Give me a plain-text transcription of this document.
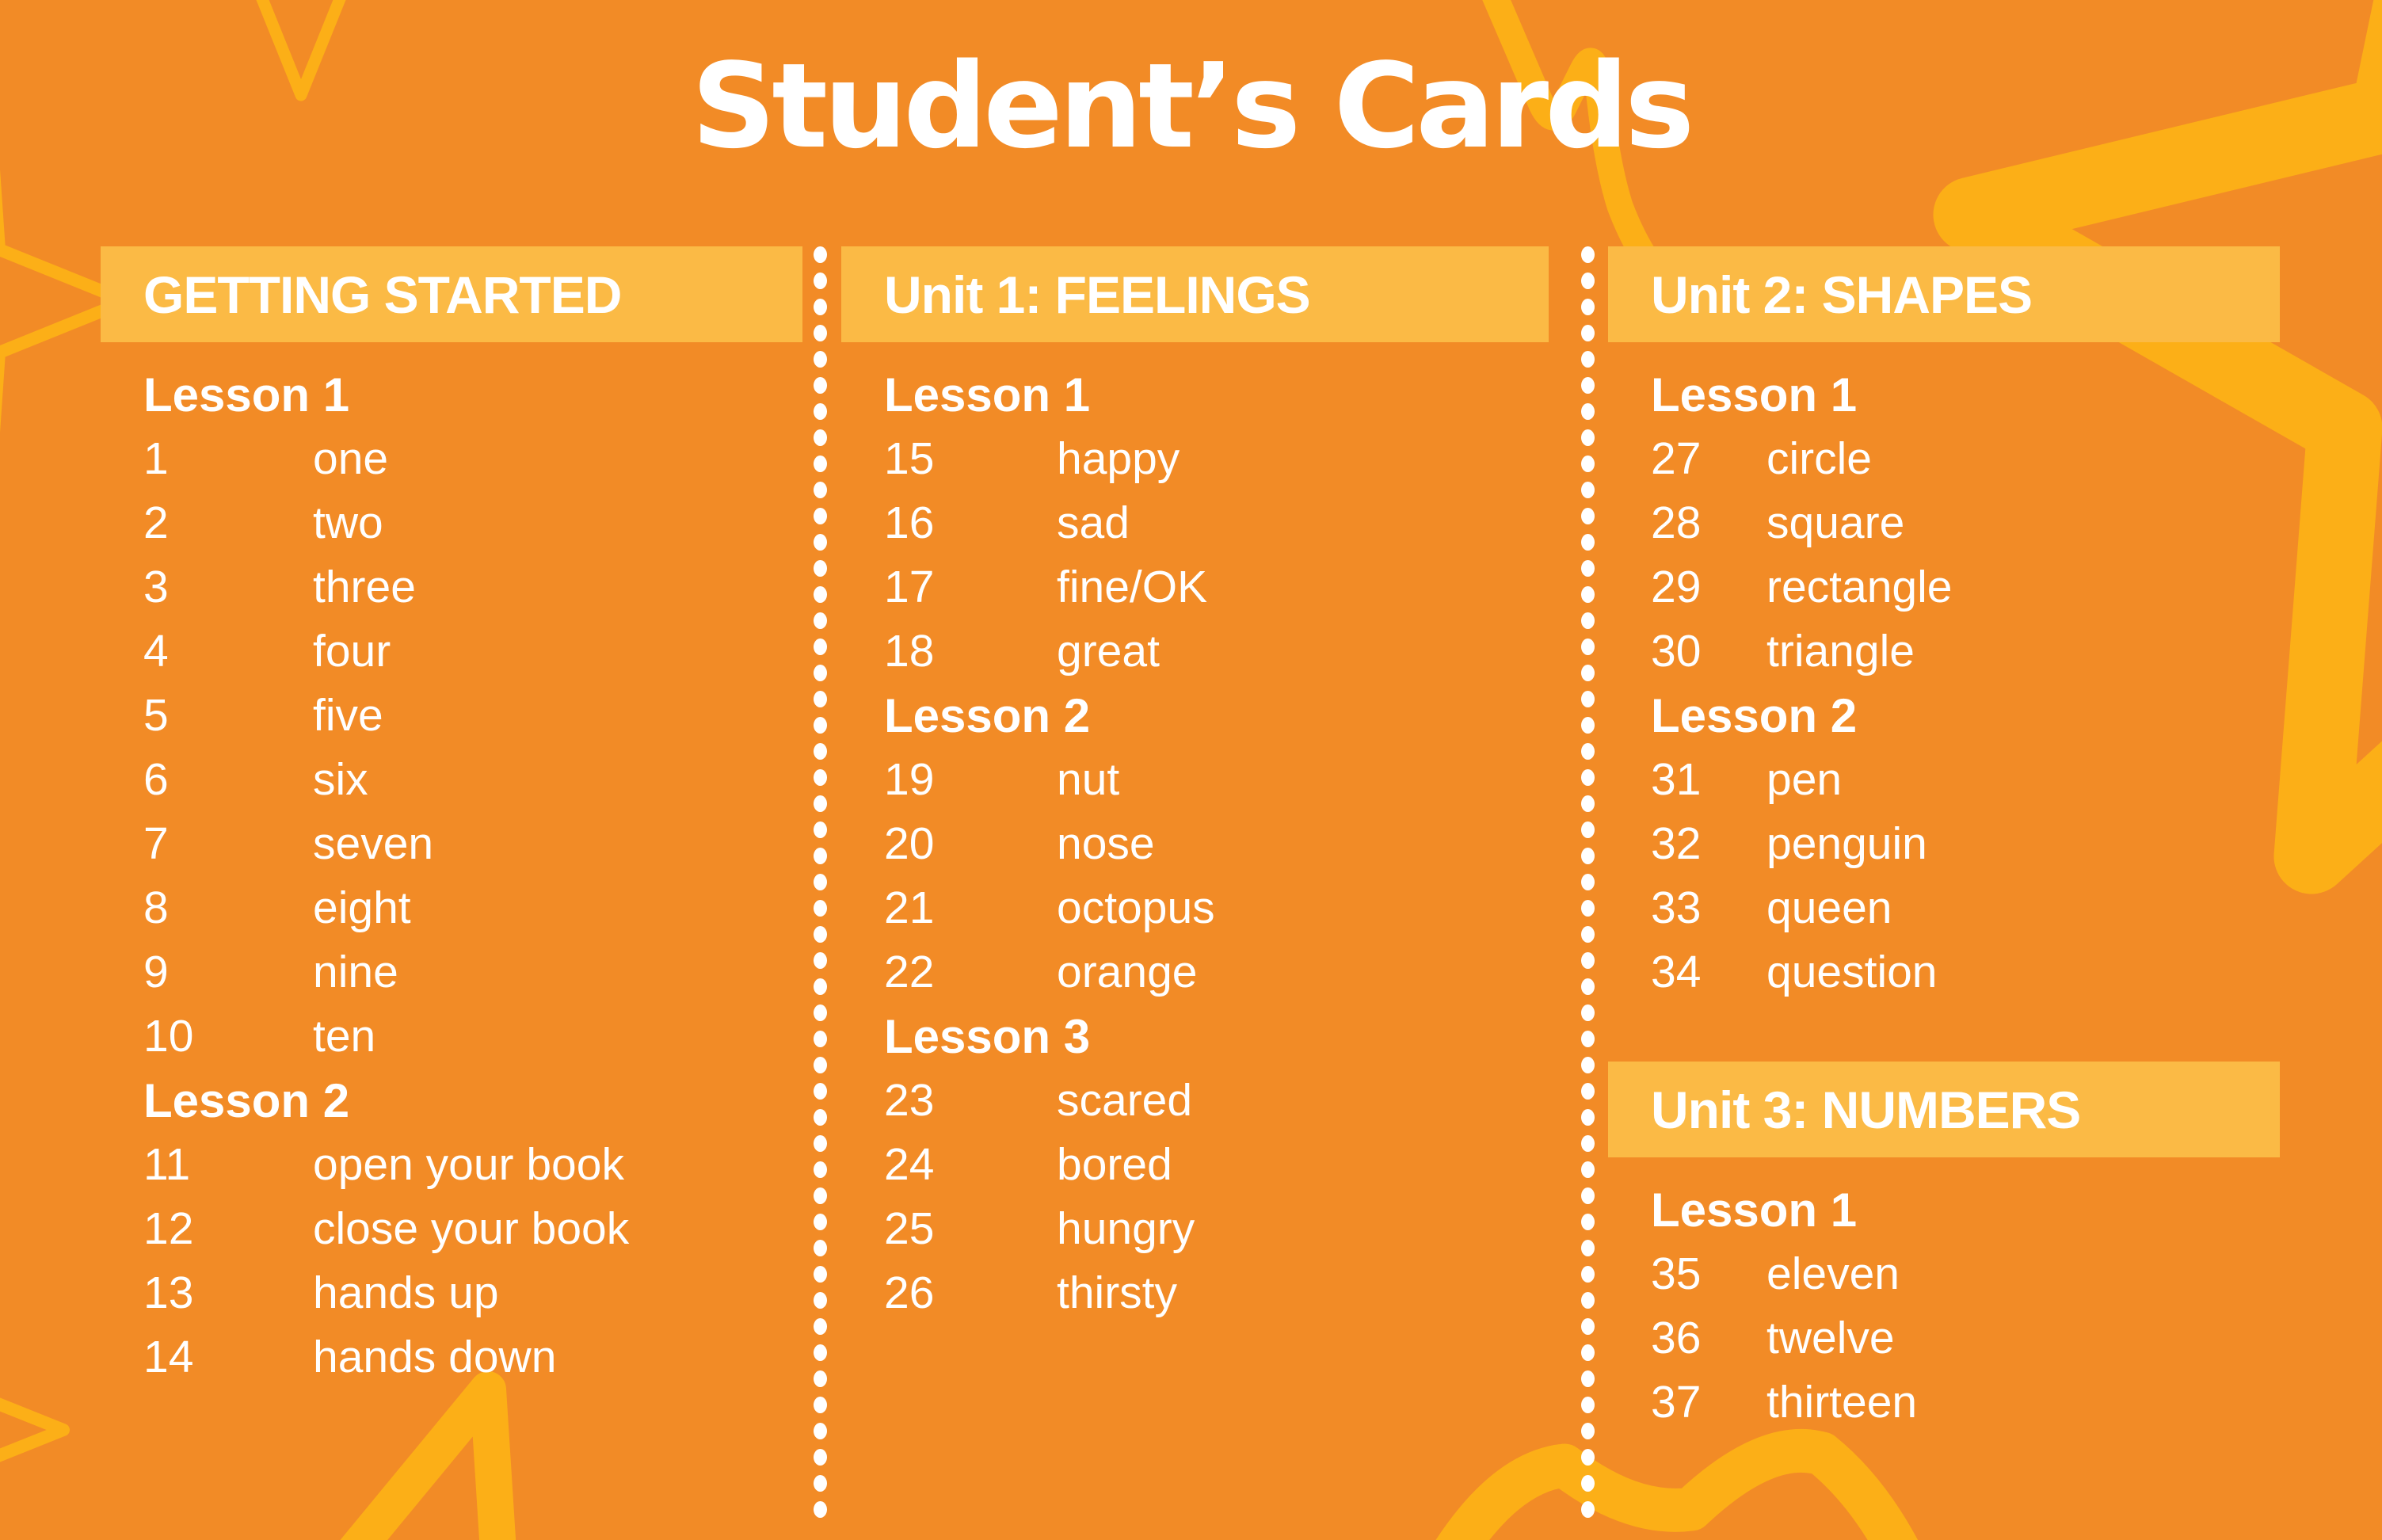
Student’s Cards
GETTING STARTED
Lesson 1
1	one
2	two
3	three
4	four
5	five
6	six
7	seven
8	eight
9	nine
10	ten
Lesson 2
11	open your book
12	close your book
13	hands up
14	hands down
Unit 1: FEELINGS
Lesson 1
15	happy
16	sad
17	fine/OK
18	great
Lesson 2
19	nut
20	nose
21	octopus
22	orange
Lesson 3
23	scared
24	bored
25	hungry
26	thirsty
Unit 2: SHAPES
Lesson 1
27 circle
28 square
29 rectangle
30 triangle
Lesson 2
31 pen
32 penguin
33 queen
34 question
Unit 3: NUMBERS
Lesson 1
35 eleven
36 twelve
37 thirteen
